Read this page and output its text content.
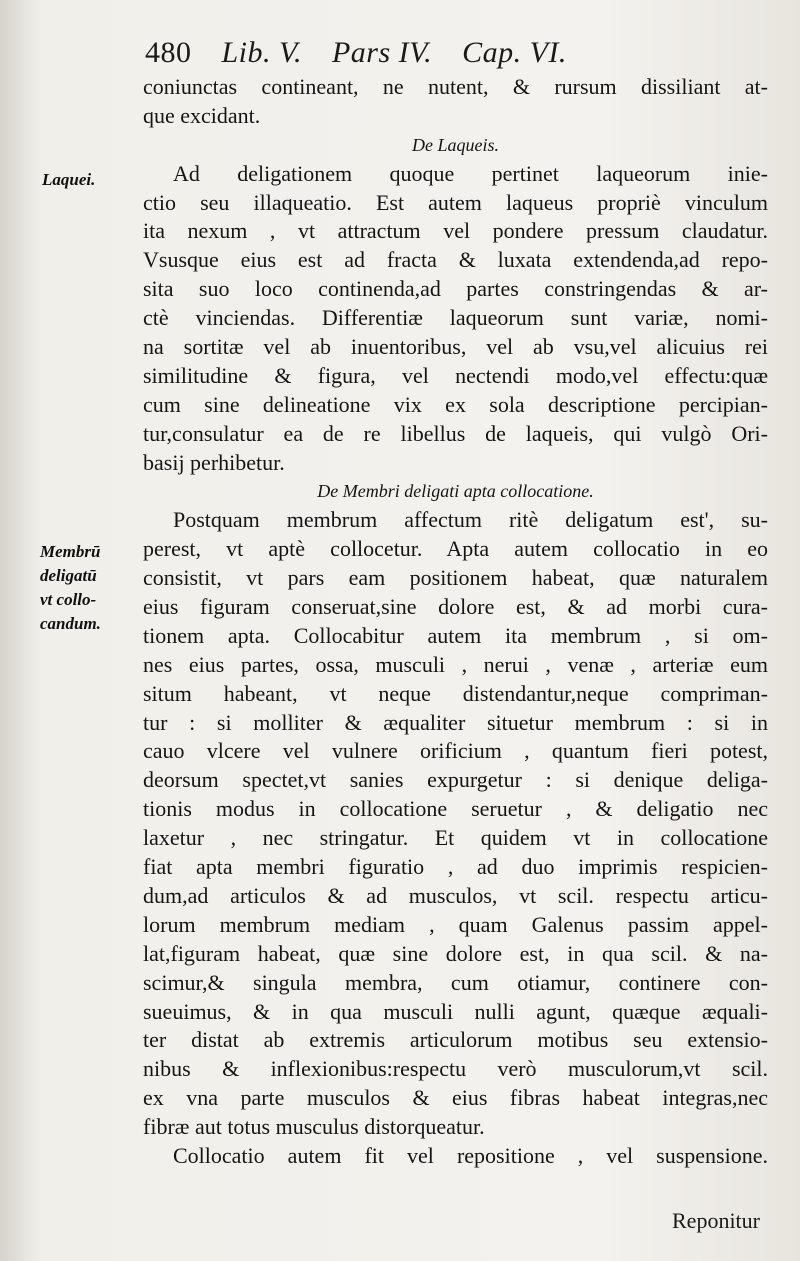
480 Lib. V. Pars IV. Cap. VI.
Laquei.
Membrū
deligatū
vt collo-
candum.
coniunctas contineant, ne nutent, & rursum dissiliant at-
que excidant.
De Laqueis.
Ad deligationem quoque pertinet laqueorum inie-
ctio seu illaqueatio. Est autem laqueus propriè vinculum
ita nexum , vt attractum vel pondere pressum claudatur.
Vsusque eius est ad fracta & luxata extendenda,ad repo-
sita suo loco continenda,ad partes constringendas & ar-
ctè vinciendas. Differentiæ laqueorum sunt variæ, nomi-
na sortitæ vel ab inuentoribus, vel ab vsu,vel alicuius rei
similitudine & figura, vel nectendi modo,vel effectu:quæ
cum sine delineatione vix ex sola descriptione percipian-
tur,consulatur ea de re libellus de laqueis, qui vulgò Ori-
basij perhibetur.
De Membri deligati apta collocatione.
Postquam membrum affectum ritè deligatum est', su-
perest, vt aptè collocetur. Apta autem collocatio in eo
consistit, vt pars eam positionem habeat, quæ naturalem
eius figuram conseruat,sine dolore est, & ad morbi cura-
tionem apta. Collocabitur autem ita membrum , si om-
nes eius partes, ossa, musculi , nerui , venæ , arteriæ eum
situm habeant, vt neque distendantur,neque compriman-
tur : si molliter & æqualiter situetur membrum : si in
cauo vlcere vel vulnere orificium , quantum fieri potest,
deorsum spectet,vt sanies expurgetur : si denique deliga-
tionis modus in collocatione seruetur , & deligatio nec
laxetur , nec stringatur. Et quidem vt in collocatione
fiat apta membri figuratio , ad duo imprimis respicien-
dum,ad articulos & ad musculos, vt scil. respectu articu-
lorum membrum mediam , quam Galenus passim appel-
lat,figuram habeat, quæ sine dolore est, in qua scil. & na-
scimur,& singula membra, cum otiamur, continere con-
sueuimus, & in qua musculi nulli agunt, quæque æquali-
ter distat ab extremis articulorum motibus seu extensio-
nibus & inflexionibus:respectu verò musculorum,vt scil.
ex vna parte musculos & eius fibras habeat integras,nec
fibræ aut totus musculus distorqueatur.
Collocatio autem fit vel repositione , vel suspensione.
Reponitur
